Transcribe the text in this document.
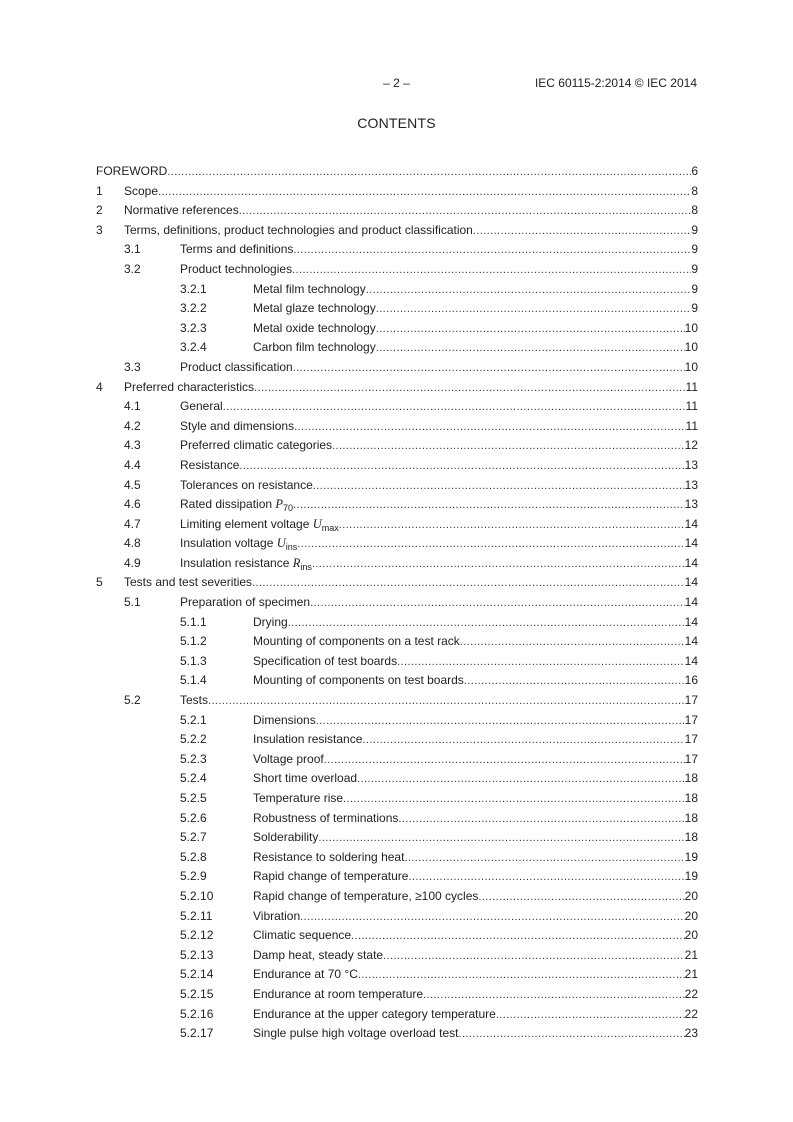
– 2 –	IEC 60115-2:2014 © IEC 2014
CONTENTS
FOREWORD .....	6
1 Scope .....	8
2 Normative references .....	8
3 Terms, definitions, product technologies and product classification .....	9
3.1	Terms and definitions .....	9
3.2	Product technologies .....	9
3.2.1	Metal film technology .....	9
3.2.2	Metal glaze technology .....	9
3.2.3	Metal oxide technology .....	10
3.2.4	Carbon film technology .....	10
3.3	Product classification .....	10
4 Preferred characteristics .....	11
4.1	General .....	11
4.2	Style and dimensions .....	11
4.3	Preferred climatic categories .....	12
4.4	Resistance .....	13
4.5	Tolerances on resistance .....	13
4.6	Rated dissipation $P_{70}$ .....	13
4.7	Limiting element voltage $U_{max}$ .....	14
4.8	Insulation voltage $U_{ins}$ .....	14
4.9	Insulation resistance $R_{ins}$ .....	14
5 Tests and test severities .....	14
5.1	Preparation of specimen .....	14
5.1.1	Drying .....	14
5.1.2	Mounting of components on a test rack .....	14
5.1.3	Specification of test boards .....	14
5.1.4	Mounting of components on test boards .....	16
5.2	Tests .....	17
5.2.1	Dimensions .....	17
5.2.2	Insulation resistance .....	17
5.2.3	Voltage proof .....	17
5.2.4	Short time overload .....	18
5.2.5	Temperature rise .....	18
5.2.6	Robustness of terminations .....	18
5.2.7	Solderability .....	18
5.2.8	Resistance to soldering heat .....	19
5.2.9	Rapid change of temperature .....	19
5.2.10	Rapid change of temperature, ≥100 cycles .....	20
5.2.11	Vibration .....	20
5.2.12	Climatic sequence .....	20
5.2.13	Damp heat, steady state .....	21
5.2.14	Endurance at 70 °C .....	21
5.2.15	Endurance at room temperature .....	22
5.2.16	Endurance at the upper category temperature .....	22
5.2.17	Single pulse high voltage overload test .....	23
